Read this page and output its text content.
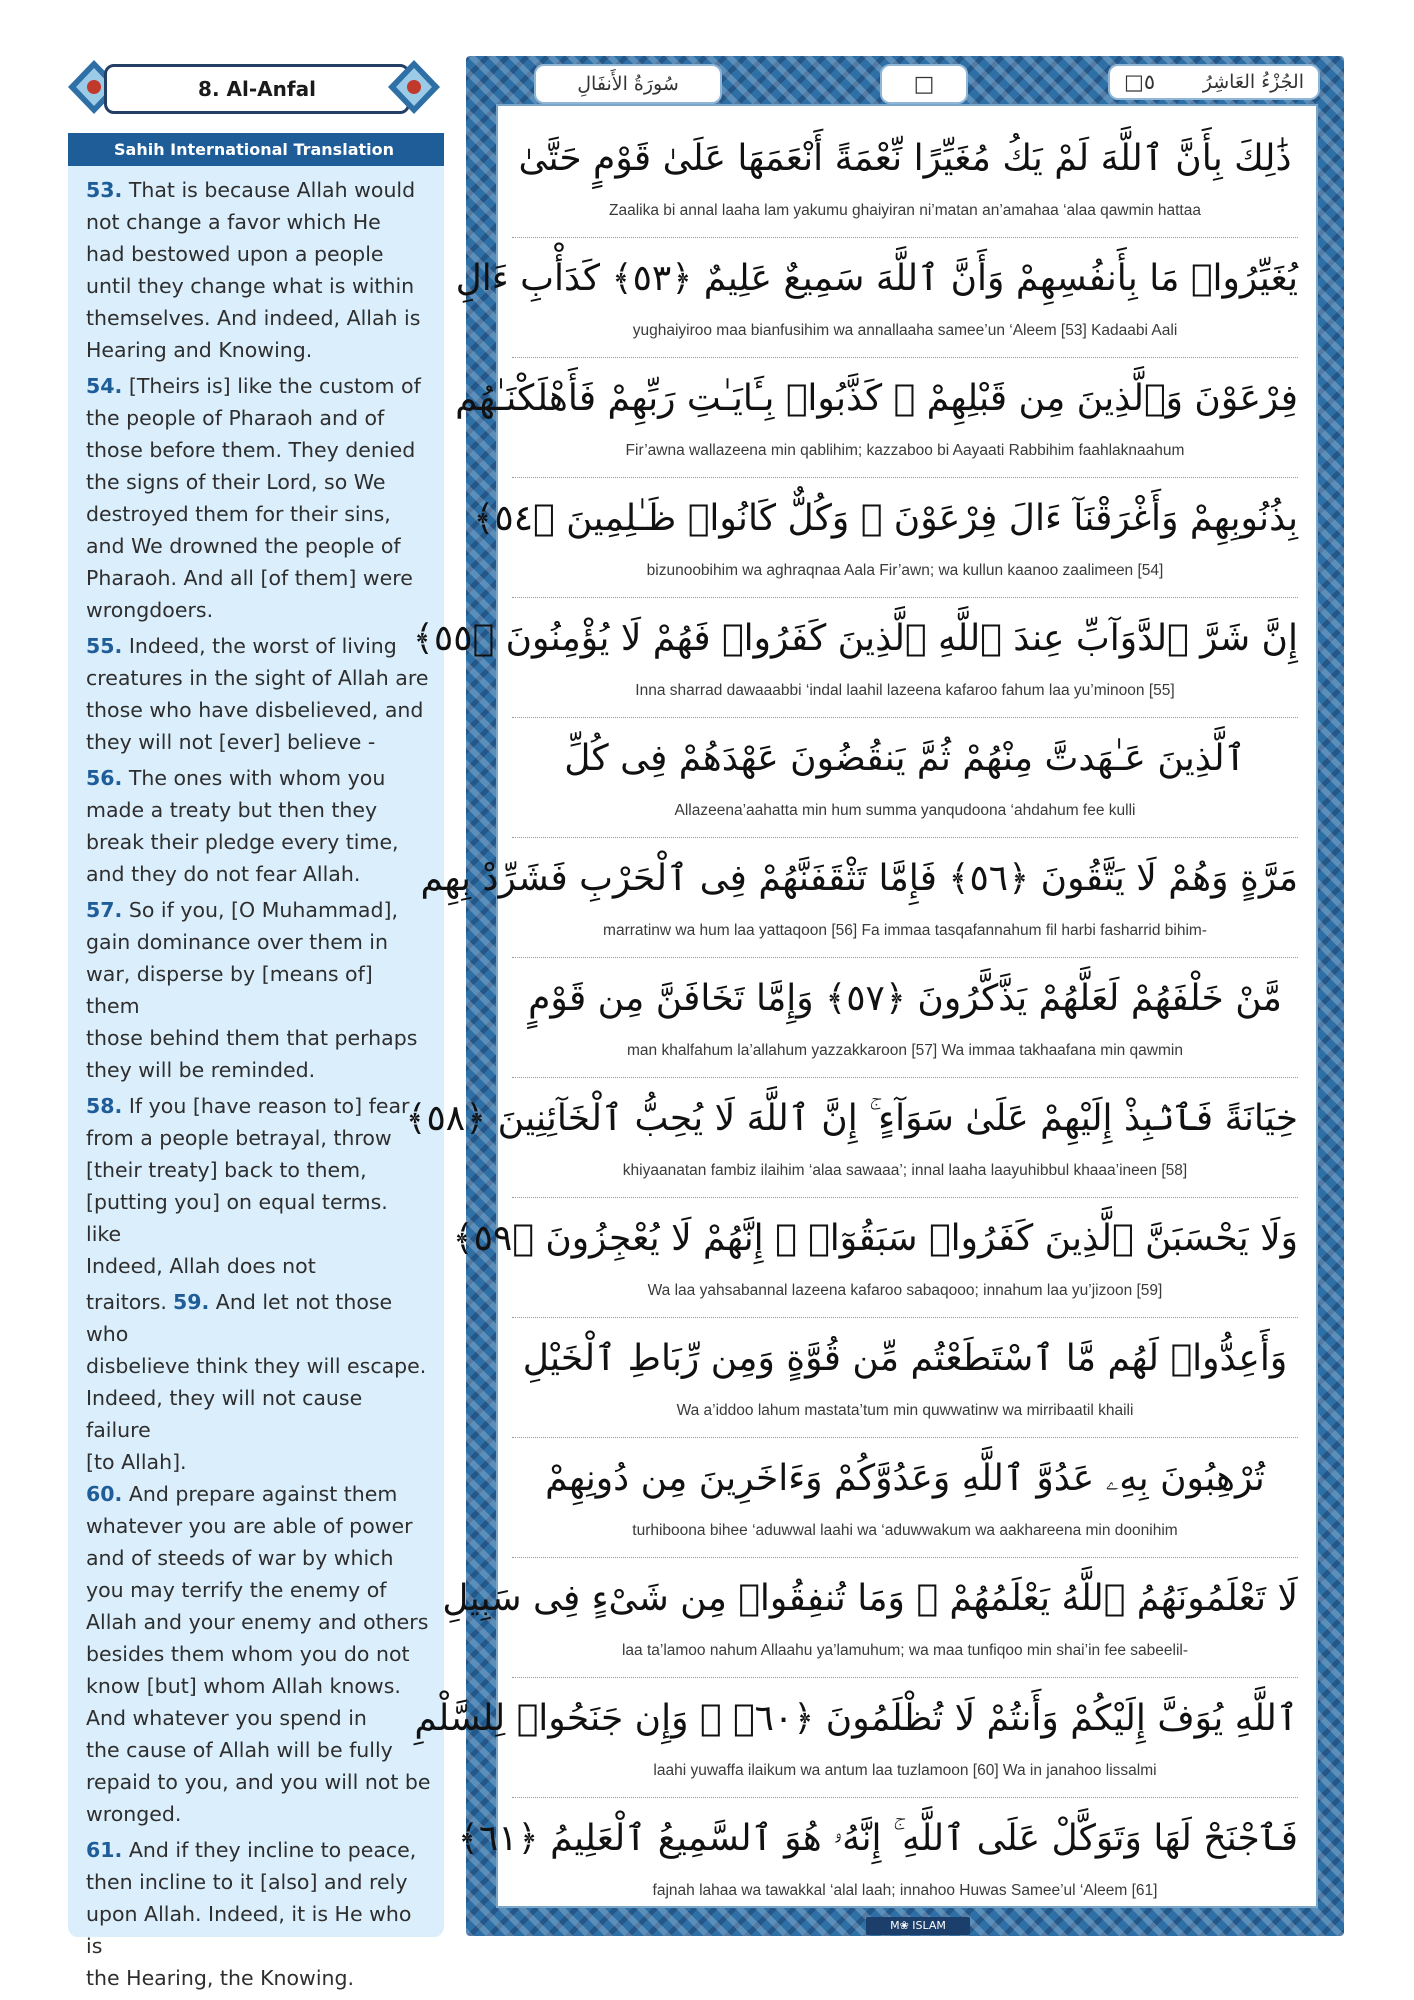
8. Al-Anfal
Sahih International Translation
53. That is because Allah would
not change a favor which He
had bestowed upon a people
until they change what is within
themselves. And indeed, Allah is
Hearing and Knowing.
54. [Theirs is] like the custom of
the people of Pharaoh and of
those before them. They denied
the signs of their Lord, so We
destroyed them for their sins,
and We drowned the people of
Pharaoh. And all [of them] were
wrongdoers.
55. Indeed, the worst of living
creatures in the sight of Allah are
those who have disbelieved, and
they will not [ever] believe -
56. The ones with whom you
made a treaty but then they
break their pledge every time,
and they do not fear Allah.
57. So if you, [O Muhammad],
gain dominance over them in
war, disperse by [means of] them
those behind them that perhaps
they will be reminded.
58. If you [have reason to] fear
from a people betrayal, throw
[their treaty] back to them,
[putting you] on equal terms.
like
Indeed, Allah does not
traitors. 59. And let not those who
disbelieve think they will escape.
Indeed, they will not cause failure
[to Allah].
60. And prepare against them
whatever you are able of power
and of steeds of war by which
you may terrify the enemy of
Allah and your enemy and others
besides them whom you do not
know [but] whom Allah knows.
And whatever you spend in
the cause of Allah will be fully
repaid to you, and you will not be
wronged.
61. And if they incline to peace,
then incline to it [also] and rely
upon Allah. Indeed, it is He who is
the Hearing, the Knowing.
سُورَةُ الأَنفَالِ	□	□٥	الجُزْءُ العَاشِرُ
ذَٰلِكَ بِأَنَّ ٱللَّهَ لَمْ يَكُ مُغَيِّرًا نِّعْمَةً أَنْعَمَهَا عَلَىٰ قَوْمٍ حَتَّىٰ
Zaalika bi annal laaha lam yakumu ghaiyiran ni’matan an’amahaa ‘alaa qawmin hattaa
يُغَيِّرُوا۟ مَا بِأَنفُسِهِمْ وَأَنَّ ٱللَّهَ سَمِيعٌ عَلِيمٌ ﴿٥٣﴾ كَدَأْبِ ءَالِ
yughaiyiroo maa bianfusihim wa annallaaha samee’un ‘Aleem [53] Kadaabi Aali
فِرْعَوْنَ وَٱلَّذِينَ مِن قَبْلِهِمْ ۚ كَذَّبُوا۟ بِـَٔايَـٰتِ رَبِّهِمْ فَأَهْلَكْنَـٰهُم
Fir’awna wallazeena min qablihim; kazzaboo bi Aayaati Rabbihim faahlaknaahum
بِذُنُوبِهِمْ وَأَغْرَقْنَآ ءَالَ فِرْعَوْنَ ۚ وَكُلٌّ كَانُوا۟ ظَـٰلِمِينَ ﴿٥٤﴾
bizunoobihim wa aghraqnaa Aala Fir’awn; wa kullun kaanoo zaalimeen [54]
إِنَّ شَرَّ ٱلدَّوَآبِّ عِندَ ٱللَّهِ ٱلَّذِينَ كَفَرُوا۟ فَهُمْ لَا يُؤْمِنُونَ ﴿٥٥﴾
Inna sharrad dawaaabbi ‘indal laahil lazeena kafaroo fahum laa yu’minoon [55]
ٱلَّذِينَ عَـٰهَدتَّ مِنْهُمْ ثُمَّ يَنقُضُونَ عَهْدَهُمْ فِى كُلِّ
Allazeena’aahatta min hum summa yanqudoona ‘ahdahum fee kulli
مَرَّةٍ وَهُمْ لَا يَتَّقُونَ ﴿٥٦﴾ فَإِمَّا تَثْقَفَنَّهُمْ فِى ٱلْحَرْبِ فَشَرِّدْ بِهِم
marratinw wa hum laa yattaqoon [56] Fa immaa tasqafannahum fil harbi fasharrid bihim-
مَّنْ خَلْفَهُمْ لَعَلَّهُمْ يَذَّكَّرُونَ ﴿٥٧﴾ وَإِمَّا تَخَافَنَّ مِن قَوْمٍ
man khalfahum la’allahum yazzakkaroon [57] Wa immaa takhaafana min qawmin
خِيَانَةً فَٱنۢبِذْ إِلَيْهِمْ عَلَىٰ سَوَآءٍ ۚ إِنَّ ٱللَّهَ لَا يُحِبُّ ٱلْخَآئِنِينَ ﴿٥٨﴾
khiyaanatan fambiz ilaihim ‘alaa sawaaa’; innal laaha laayuhibbul khaaa’ineen [58]
وَلَا يَحْسَبَنَّ ٱلَّذِينَ كَفَرُوا۟ سَبَقُوٓا۟ ۚ إِنَّهُمْ لَا يُعْجِزُونَ ﴿٥٩﴾
Wa laa yahsabannal lazeena kafaroo sabaqooo; innahum laa yu’jizoon [59]
وَأَعِدُّوا۟ لَهُم مَّا ٱسْتَطَعْتُم مِّن قُوَّةٍ وَمِن رِّبَاطِ ٱلْخَيْلِ
Wa a’iddoo lahum mastata’tum min quwwatinw wa mirribaatil khaili
تُرْهِبُونَ بِهِۦ عَدُوَّ ٱللَّهِ وَعَدُوَّكُمْ وَءَاخَرِينَ مِن دُونِهِمْ
turhiboona bihee ‘aduwwal laahi wa ‘aduwwakum wa aakhareena min doonihim
لَا تَعْلَمُونَهُمُ ٱللَّهُ يَعْلَمُهُمْ ۚ وَمَا تُنفِقُوا۟ مِن شَىْءٍ فِى سَبِيلِ
laa ta’lamoo nahum Allaahu ya’lamuhum; wa maa tunfiqoo min shai’in fee sabeelil-
ٱللَّهِ يُوَفَّ إِلَيْكُمْ وَأَنتُمْ لَا تُظْلَمُونَ ﴿٦٠﴾ ۞ وَإِن جَنَحُوا۟ لِلسَّلْمِ
laahi yuwaffa ilaikum wa antum laa tuzlamoon [60] Wa in janahoo lissalmi
فَٱجْنَحْ لَهَا وَتَوَكَّلْ عَلَى ٱللَّهِ ۚ إِنَّهُۥ هُوَ ٱلسَّمِيعُ ٱلْعَلِيمُ ﴿٦١﴾
fajnah lahaa wa tawakkal ‘alal laah; innahoo Huwas Samee’ul ‘Aleem [61]
M❀ ISLAM
